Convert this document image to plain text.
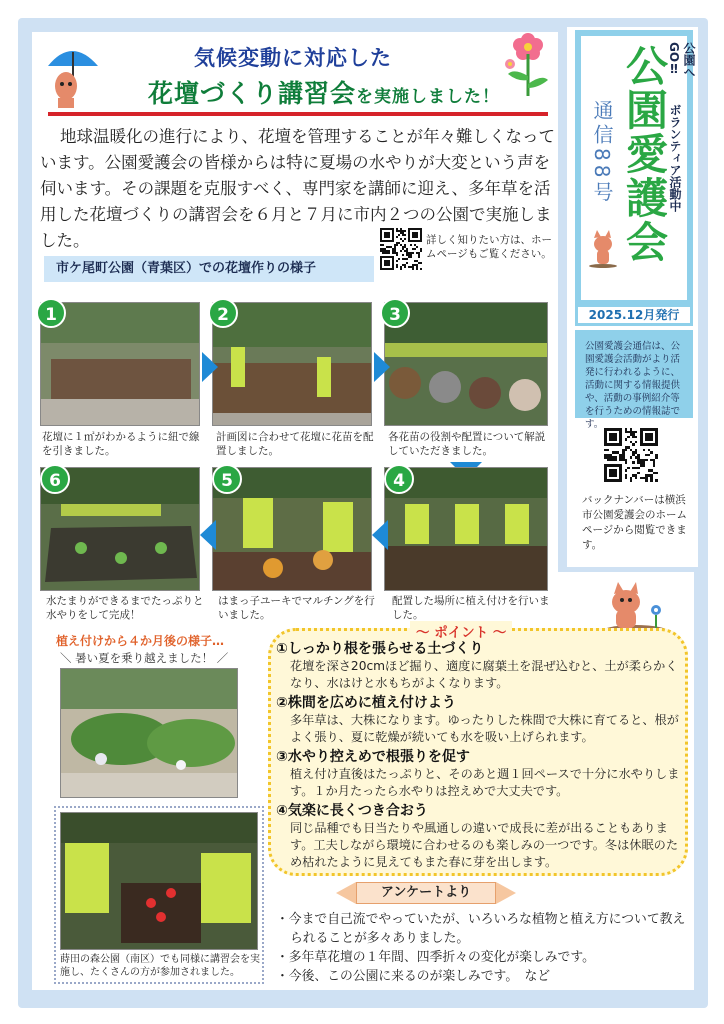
気候変動に対応した
花壇づくり講習会を実施しました！
地球温暖化の進行により、花壇を管理することが年々難しくなっています。公園愛護会の皆様からは特に夏場の水やりが大変という声を伺います。その課題を克服すべく、専門家を講師に迎え、多年草を活用した花壇づくりの講習会を６月と７月に市内２つの公園で実施しました。	詳しく知りたい方は、ホームページもご覧ください。
市ケ尾町公園（青葉区）での花壇作りの様子
1	2	3
花壇に１㎡がわかるように紐で線を引きました。
計画図に合わせて花壇に花苗を配置しました。
各花苗の役割や配置について解説していただきました。
6	5	4
水たまりができるまでたっぷりと水やりをして完成！
はまっ子ユーキでマルチングを行いました。
配置した場所に植え付けを行いました。
植え付けから４か月後の様子…
＼ 暑い夏を乗り越えました！ ／
蒔田の森公園（南区）でも同様に講習会を実施し、たくさんの方が参加されました。
～ ポイント ～
①しっかり根を張らせる土づくり
花壇を深さ20cmほど掘り、適度に腐葉土を混ぜ込むと、土が柔らかくなり、水はけと水もちがよくなります。
②株間を広めに植え付けよう
多年草は、大株になります。ゆったりした株間で大株に育てると、根がよく張り、夏に乾燥が続いても水を吸い上げられます。
③水やり控えめで根張りを促す
植え付け直後はたっぷりと、そのあと週１回ペースで十分に水やりします。１か月たったら水やりは控えめで大丈夫です。
④気楽に長くつき合おう
同じ品種でも日当たりや風通しの違いで成長に差が出ることもあります。工夫しながら環境に合わせるのも楽しみの一つです。冬は休眠のため枯れたように見えてもまた春に芽を出します。
アンケートより
・今まで自己流でやっていたが、いろいろな植物と植え方について教えられることが多々ありました。
・多年草花壇の１年間、四季折々の変化が楽しみです。
・今後、この公園に来るのが楽しみです。　など
公園へGO‼
ボランティア活動中
公園愛護会
通信88号
2025.12月発行
公園愛護会通信は、公園愛護会活動がより活発に行われるように、活動に関する情報提供や、活動の事例紹介等を行うための情報誌です。
バックナンバーは横浜市公園愛護会のホームページから閲覧できます。
